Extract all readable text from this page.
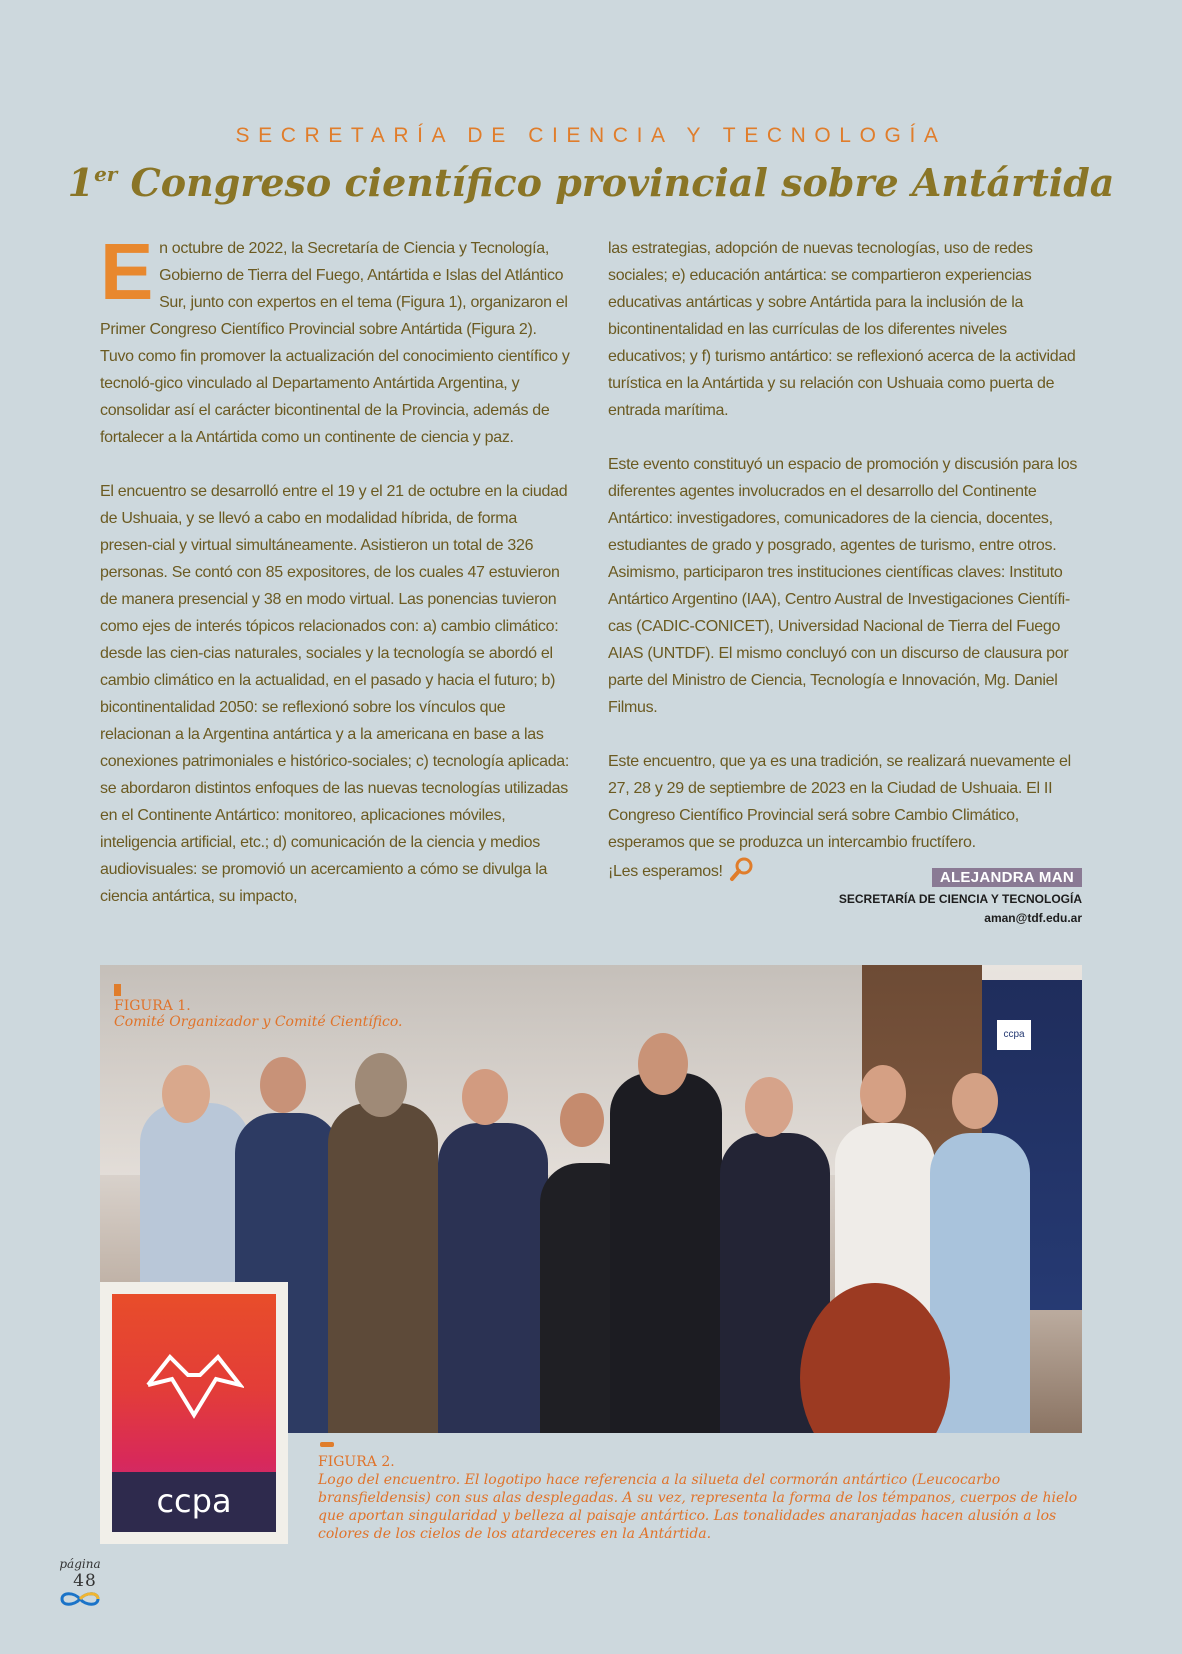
SECRETARÍA DE CIENCIA Y TECNOLOGÍA
1er Congreso científico provincial sobre Antártida

En octubre de 2022, la Secretaría de Ciencia y Tecnología, Gobierno de Tierra del Fuego, Antártida e Islas del Atlántico Sur, junto con expertos en el tema (Figura 1), organizaron el Primer Congreso Científico Provincial sobre Antártida (Figura 2). Tuvo como fin promover la actualización del conocimiento científico y tecnoló-gico vinculado al Departamento Antártida Argentina, y consolidar así el carácter bicontinental de la Provincia, además de fortalecer a la Antártida como un continente de ciencia y paz.

El encuentro se desarrolló entre el 19 y el 21 de octubre en la ciudad de Ushuaia, y se llevó a cabo en modalidad híbrida, de forma presen-cial y virtual simultáneamente. Asistieron un total de 326 personas. Se contó con 85 expositores, de los cuales 47 estuvieron de manera presencial y 38 en modo virtual. Las ponencias tuvieron como ejes de interés tópicos relacionados con: a) cambio climático: desde las cien-cias naturales, sociales y la tecnología se abordó el cambio climático en la actualidad, en el pasado y hacia el futuro; b) bicontinentalidad 2050: se reflexionó sobre los vínculos que relacionan a la Argentina antártica y a la americana en base a las conexiones patrimoniales e histórico-sociales; c) tecnología aplicada: se abordaron distintos enfoques de las nuevas tecnologías utilizadas en el Continente Antártico: monitoreo, aplicaciones móviles, inteligencia artificial, etc.; d) comunicación de la ciencia y medios audiovisuales: se promovió un acercamiento a cómo se divulga la ciencia antártica, su impacto,

las estrategias, adopción de nuevas tecnologías, uso de redes sociales; e) educación antártica: se compartieron experiencias educativas antárticas y sobre Antártida para la inclusión de la bicontinentalidad en las currículas de los diferentes niveles educativos; y f) turismo antártico: se reflexionó acerca de la actividad turística en la Antártida y su relación con Ushuaia como puerta de entrada marítima.

Este evento constituyó un espacio de promoción y discusión para los diferentes agentes involucrados en el desarrollo del Continente Antártico: investigadores, comunicadores de la ciencia, docentes, estudiantes de grado y posgrado, agentes de turismo, entre otros. Asimismo, participaron tres instituciones científicas claves: Instituto Antártico Argentino (IAA), Centro Austral de Investigaciones Científi-cas (CADIC-CONICET), Universidad Nacional de Tierra del Fuego AIAS (UNTDF). El mismo concluyó con un discurso de clausura por parte del Ministro de Ciencia, Tecnología e Innovación, Mg. Daniel Filmus.

Este encuentro, que ya es una tradición, se realizará nuevamente el 27, 28 y 29 de septiembre de 2023 en la Ciudad de Ushuaia. El II Congreso Científico Provincial será sobre Cambio Climático, esperamos que se produzca un intercambio fructífero.
¡Les esperamos!	ALEJANDRA MAN
SECRETARÍA DE CIENCIA Y TECNOLOGÍA
aman@tdf.edu.ar
ccpa
FIGURA 1.
Comité Organizador y Comité Científico.
ccpa
FIGURA 2.
Logo del encuentro. El logotipo hace referencia a la silueta del cormorán antártico (Leucocarbo bransfieldensis) con sus alas desplegadas. A su vez, representa la forma de los témpanos, cuerpos de hielo que aportan singularidad y belleza al paisaje antártico. Las tonalidades anaranjadas hacen alusión a los colores de los cielos de los atardeceres en la Antártida.
página
48
